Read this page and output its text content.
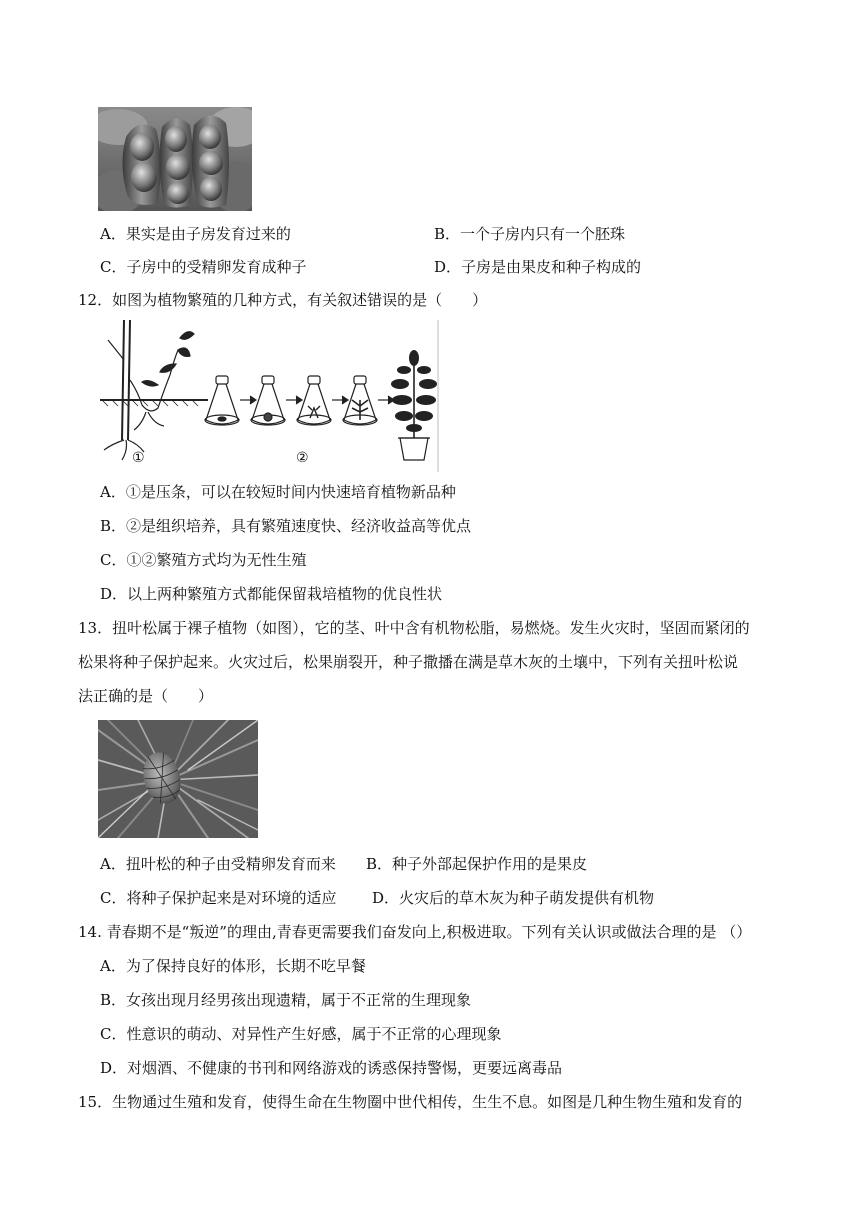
A．果实是由子房发育过来的	B．一个子房内只有一个胚珠
C．子房中的受精卵发育成种子	D．子房是由果皮和种子构成的
12．如图为植物繁殖的几种方式，有关叙述错误的是（　　）
①	②
A．①是压条，可以在较短时间内快速培育植物新品种
B．②是组织培养，具有繁殖速度快、经济收益高等优点
C．①②繁殖方式均为无性生殖
D．以上两种繁殖方式都能保留栽培植物的优良性状
13．扭叶松属于裸子植物（如图），它的茎、叶中含有机物松脂，易燃烧。发生火灾时，坚固而紧闭的
松果将种子保护起来。火灾过后，松果崩裂开，种子撒播在满是草木灰的土壤中，下列有关扭叶松说
法正确的是（　　）
A．扭叶松的种子由受精卵发育而来 B．种子外部起保护作用的是果皮
C．将种子保护起来是对环境的适应 D．火灾后的草木灰为种子萌发提供有机物
14. 青春期不是“叛逆”的理由,青春更需要我们奋发向上,积极进取。下列有关认识或做法合理的是 （）
A．为了保持良好的体形，长期不吃早餐
B．女孩出现月经男孩出现遗精，属于不正常的生理现象
C．性意识的萌动、对异性产生好感，属于不正常的心理现象
D．对烟酒、不健康的书刊和网络游戏的诱惑保持警惕，更要远离毒品
15．生物通过生殖和发育，使得生命在生物圈中世代相传，生生不息。如图是几种生物生殖和发育的
